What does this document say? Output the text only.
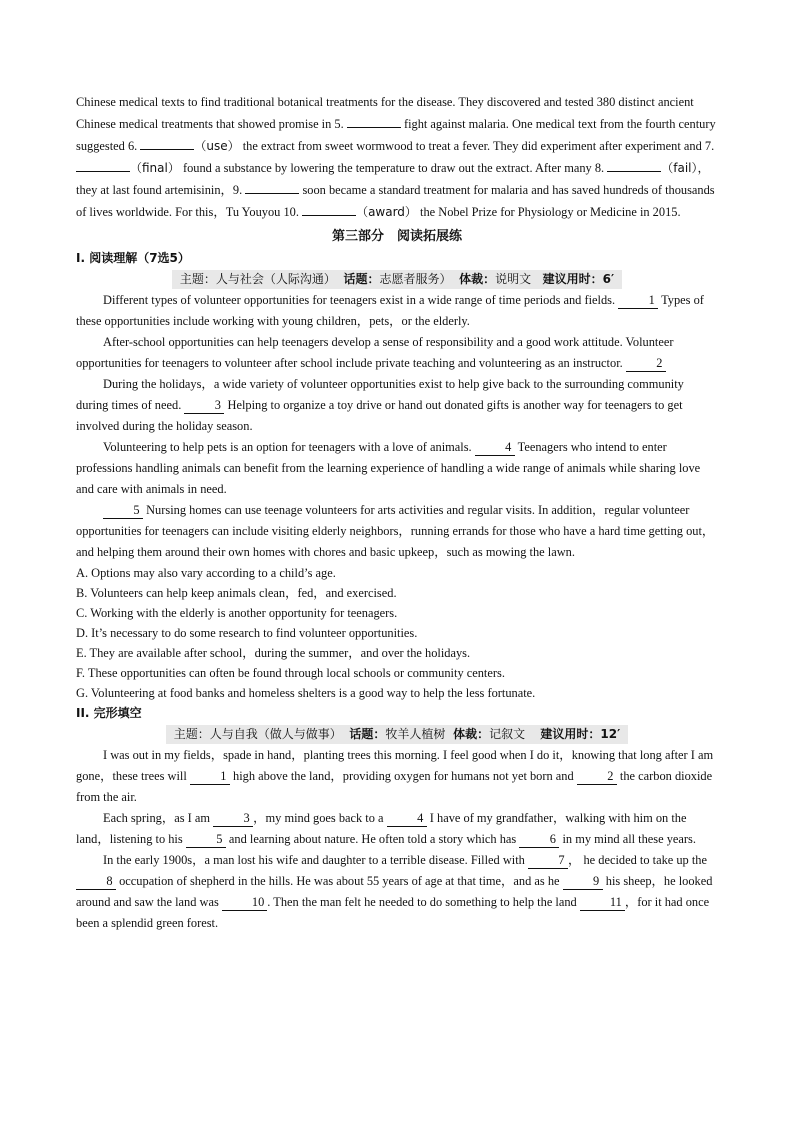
Chinese medical texts to find traditional botanical treatments for the disease. They discovered and tested 380 distinct ancient Chinese medical treatments that showed promise in 5.	fight against malaria. One medical text from the fourth century suggested 6.	（use） the extract from sweet wormwood to treat a fever. They did experiment after experiment and 7. （final） found a substance by lowering the temperature to draw out the extract. After many 8.	（fail）， they at last found artemisinin，9.	soon became a standard treatment for malaria and has saved hundreds of thousands of lives worldwide. For this，Tu Youyou 10.	（award） the Nobel Prize for Physiology or Medicine in 2015.

第三部分　阅读拓展练
I. 阅读理解（7选5）
主题：人与社会（人际沟通） 话题：志愿者服务） 体裁：说明文 建议用时：6′

Different types of volunteer opportunities for teenagers exist in a wide range of time periods and fields.	1 Types of these opportunities include working with young children，pets，or the elderly.

After-school opportunities can help teenagers develop a sense of responsibility and a good work attitude. Volunteer opportunities for teenagers to volunteer after school include private teaching and volunteering as an instructor.	2

During the holidays，a wide variety of volunteer opportunities exist to help give back to the surrounding community during times of need.	3 Helping to organize a toy drive or hand out donated gifts is another way for teenagers to get involved during the holiday season.

Volunteering to help pets is an option for teenagers with a love of animals.	4 Teenagers who intend to enter professions handling animals can benefit from the learning experience of handling a wide range of animals while sharing love and care with animals in need.

5 Nursing homes can use teenage volunteers for arts activities and regular visits. In addition，regular volunteer opportunities for teenagers can include visiting elderly neighbors，running errands for those who have a hard time getting out，and helping them around their own homes with chores and basic upkeep，such as mowing the lawn.

A. Options may also vary according to a child’s age.
B. Volunteers can help keep animals clean，fed，and exercised.
C. Working with the elderly is another opportunity for teenagers.
D. It’s necessary to do some research to find volunteer opportunities.
E. They are available after school，during the summer，and over the holidays.
F. These opportunities can often be found through local schools or community centers.
G. Volunteering at food banks and homeless shelters is a good way to help the less fortunate.
II. 完形填空
主题：人与自我（做人与做事） 话题：牧羊人植树 体裁：记叙文 建议用时：12′

I was out in my fields，spade in hand，planting trees this morning. I feel good when I do it，knowing that long after I am gone，these trees will	1 high above the land，providing oxygen for humans not yet born and	2 the carbon dioxide from the air.

Each spring，as I am	3 ，my mind goes back to a	4 I have of my grandfather，walking with him on the land，listening to his	5 and learning about nature. He often told a story which has	6 in my mind all these years.

In the early 1900s，a man lost his wife and daughter to a terrible disease. Filled with	7 ， he decided to take up the 8 occupation of shepherd in the hills. He was about 55 years of age at that time，and as he	9 his sheep，he looked around and saw the land was	10 . Then the man felt he needed to do something to help the land	11 ，for it had once been a splendid green forest.
